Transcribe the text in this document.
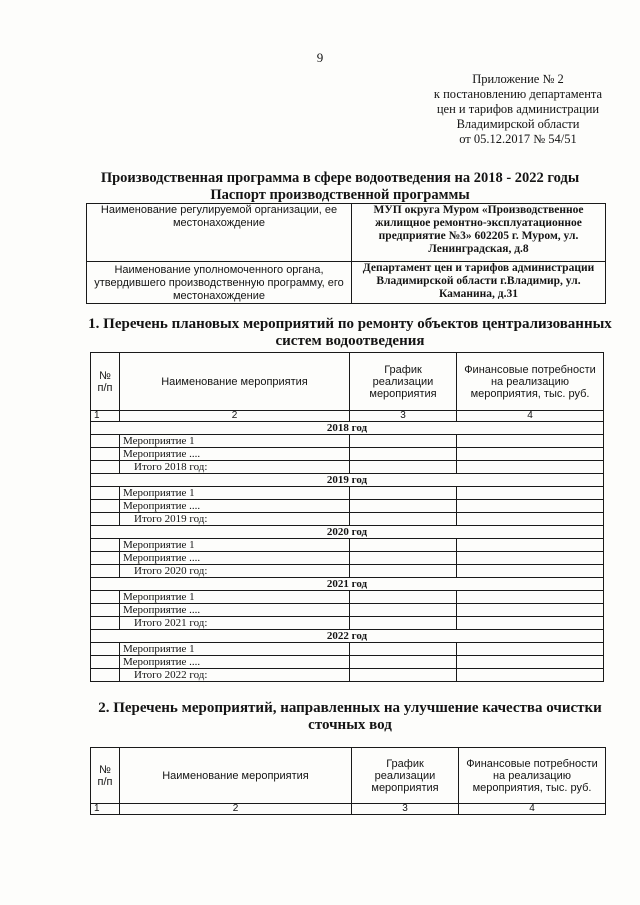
9
Приложение № 2
к постановлению департамента
цен и тарифов администрации
Владимирской области
от 05.12.2017 № 54/51
Производственная программа в сфере водоотведения на 2018 - 2022 годы
Паспорт производственной программы
Наименование регулируемой организации, ее местонахождение	МУП округа Муром «Производственное жилищное ремонтно-эксплуатационное предприятие №3» 602205 г. Муром, ул. Ленинградская, д.8
Наименование уполномоченного органа, утвердившего производственную программу, его местонахождение	Департамент цен и тарифов администрации Владимирской области г.Владимир, ул. Каманина, д.31
1. Перечень плановых мероприятий по ремонту объектов централизованных систем водоотведения
№ п/п	Наименование мероприятия	График реализации мероприятия	Финансовые потребности на реализацию мероприятия, тыс. руб.
1	2	3	4
2018 год			
	Мероприятие 1		
	Мероприятие ....		
	Итого 2018 год:		
2019 год			
	Мероприятие 1		
	Мероприятие ....		
	Итого 2019 год:		
2020 год			
	Мероприятие 1		
	Мероприятие ....		
	Итого 2020 год:		
2021 год			
	Мероприятие 1		
	Мероприятие ....		
	Итого 2021 год:		
2022 год			
	Мероприятие 1		
	Мероприятие ....		
	Итого 2022 год:		
2. Перечень мероприятий, направленных на улучшение качества очистки сточных вод
№ п/п	Наименование мероприятия	График реализации мероприятия	Финансовые потребности на реализацию мероприятия, тыс. руб.
1	2	3	4
